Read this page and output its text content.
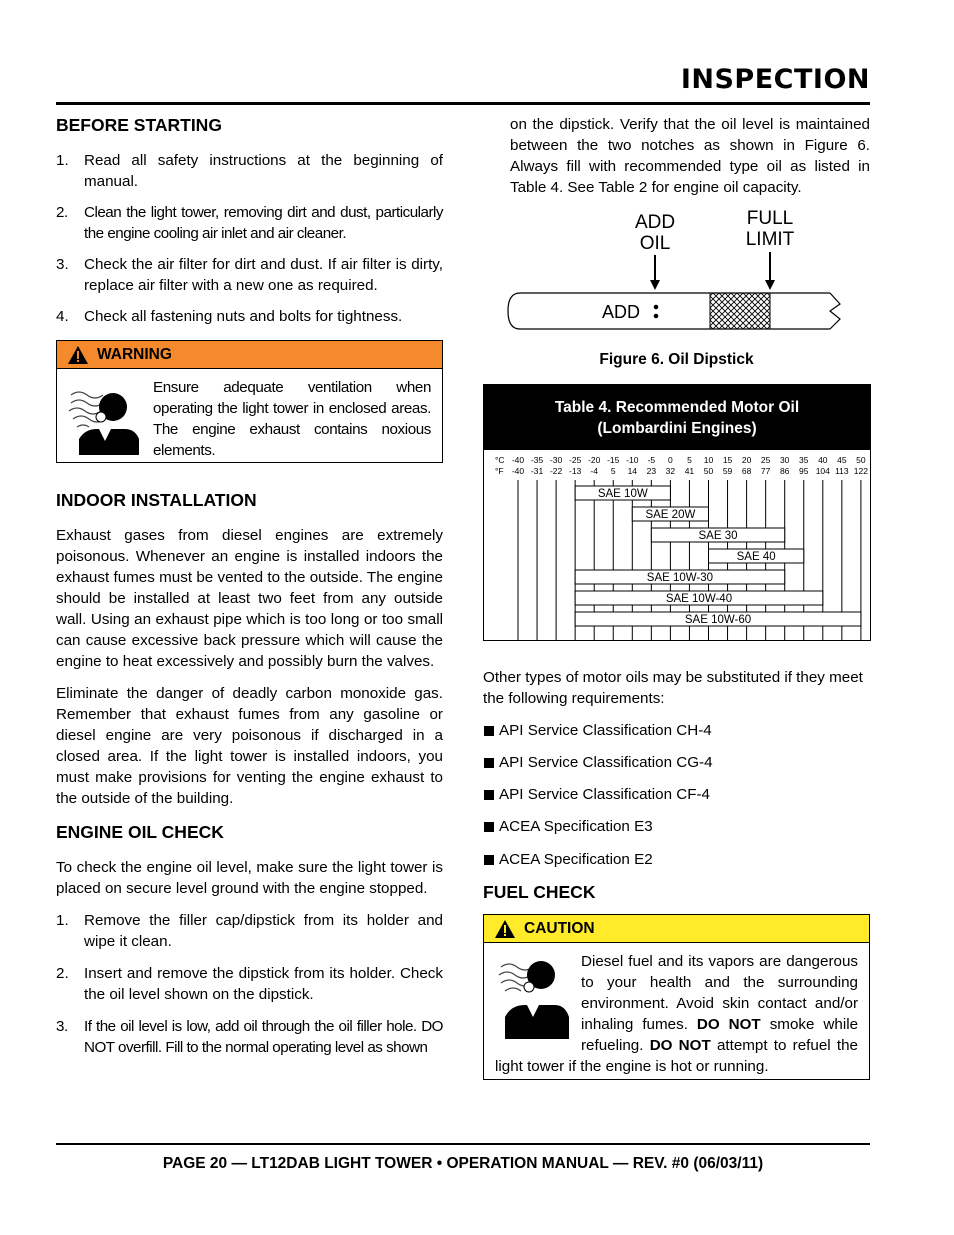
INSPECTION
BEFORE STARTING
1. Read all safety instructions at the beginning of manual.
2. Clean the light tower, removing dirt and dust, particularly the engine cooling air inlet and air cleaner.
3. Check the air filter for dirt and dust. If air filter is dirty, replace air filter with a new one as required.
4. Check all fastening nuts and bolts for tightness.
WARNING

Ensure adequate ventilation when operating the light tower in enclosed areas. The engine exhaust contains noxious elements.

INDOOR INSTALLATION

Exhaust gases from diesel engines are extremely poisonous. Whenever an engine is installed indoors the exhaust fumes must be vented to the outside. The engine should be installed at least two feet from any outside wall. Using an exhaust pipe which is too long or too small can cause excessive back pressure which will cause the engine to heat excessively and possibly burn the valves.

Eliminate the danger of deadly carbon monoxide gas. Remember that exhaust fumes from any gasoline or diesel engine are very poisonous if discharged in a closed area. If the light tower is installed indoors, you must make provisions for venting the engine exhaust to the outside of the building.

ENGINE OIL CHECK

To check the engine oil level, make sure the light tower is placed on secure level ground with the engine stopped.

1. Remove the filler cap/dipstick from its holder and wipe it clean.
2. Insert and remove the dipstick from its holder. Check the oil level shown on the dipstick.
3. If the oil level is low, add oil through the oil filler hole. DO NOT overfill. Fill to the normal operating level as shown

on the dipstick. Verify that the oil level is maintained between the two notches as shown in Figure 6. Always fill with recommended type oil as listed in Table 4. See Table 2 for engine oil capacity.

ADD
OIL
FULL
LIMIT
ADD
Figure 6. Oil Dipstick
Table 4. Recommended Motor Oil
(Lombardini Engines)
°C
°F
-40
-40
-35
-31
-30
-22
-25
-13
-20
-4
-15
5
-10
14
-5
23
0
32
5
41
10
50
15
59
20
68
25
77
30
86
35
95
40
104
45
113
50
122
SAE 10W
SAE 20W
SAE 30
SAE 40
SAE 10W-30
SAE 10W-40
SAE 10W-60

Other types of motor oils may be substituted if they meet the following requirements:

API Service Classification CH-4
API Service Classification CG-4
API Service Classification CF-4
ACEA Specification E3
ACEA Specification E2
FUEL CHECK
CAUTION

Diesel fuel and its vapors are dangerous to your health and the surrounding environment. Avoid skin contact and/or inhaling fumes. DO NOT smoke while refueling. DO NOT attempt to refuel the light tower if the engine is hot or running.

PAGE 20 — LT12DAB LIGHT TOWER • OPERATION MANUAL — REV. #0 (06/03/11)
